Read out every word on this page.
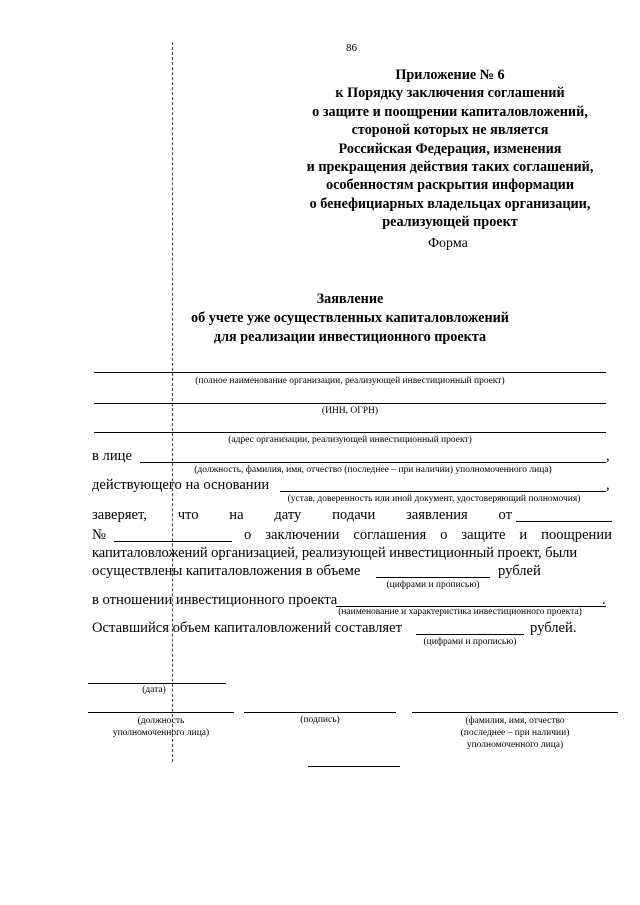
86
Приложение № 6
к Порядку заключения соглашений
о защите и поощрении капиталовложений,
стороной которых не является
Российская Федерация, изменения
и прекращения действия таких соглашений,
особенностям раскрытия информации
о бенефициарных владельцах организации,
реализующей проект
Форма
Заявление
об учете уже осуществленных капиталовложений
для реализации инвестиционного проекта
(полное наименование организации, реализующей инвестиционный проект)
(ИНН, ОГРН)
(адрес организации, реализующей инвестиционный проект)
в лице	,
(должность, фамилия, имя, отчество (последнее – при наличии) уполномоченного лица)
действующего на основании	,
(устав, доверенность или иной документ, удостоверяющий полномочия)
заверяет, что на дату подачи заявления от
№	о заключении соглашения о защите и поощрении
капиталовложений организацией, реализующей инвестиционный проект, были
осуществлены капиталовложения в объеме	рублей
(цифрами и прописью)
в отношении инвестиционного проекта	.
(наименование и характеристика инвестиционного проекта)
Оставшийся объем капиталовложений составляет	рублей.
(цифрами и прописью)
(дата)
(должность
уполномоченного лица)
(подпись)	(фамилия, имя, отчество
(последнее – при наличии)
уполномоченного лица)
